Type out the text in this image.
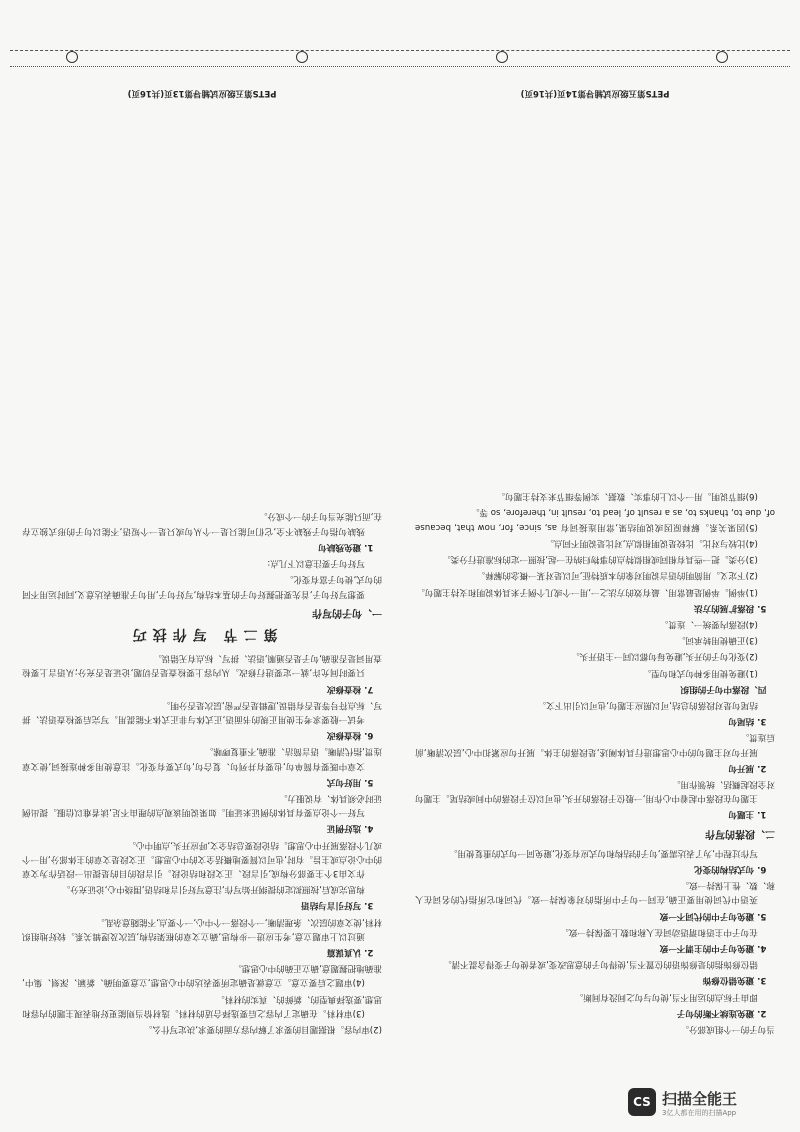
(2)审内容。根据题目的要求了解内容方面的要求,决定写什么。

(3)审材料。在确定了内容之后要选择合适的材料。选材恰当则能更好地表现主题的内容和思想,要选择典型的、新鲜的、真实的材料。

(4)审题之后要立意。立意就是确定所要表达的中心思想,立意要明确、新颖、深刻、集中,准确地把握题意,确立正确的中心思想。

2. 认真谋篇

通过以上审题立意,考生应进一步构思,确立文章的框架结构,层次及逻辑关系。较好地组织材料,使文章的层次、条理清晰,一个段落一个中心,一个要点,不能随意杂乱。

3. 写好引言与结语

构思完成后,按照拟定的提纲开始写作,注意写好引言和结语,围绕中心,论证充分。

作文由3个主要部分构成,引言段、正文段和结论段。引言段的目的是提出一段话作为文章的中心论点或主旨。有时,也可以简要地概括全文的中心思想。正文段是文章的主体部分,用一个或几个段落展开中心思想。结论段要总结全文,呼应开头,点明中心。

4. 选好例证

写好一个论点要有具体的例证来证明。如果说明该观点的理由不足,读者难以信服。提出例证时必须具体、有说服力。

5. 用好句式

文章中既要有简单句,也要有并列句、复合句,句式要有变化。注意使用多种连接词,使文章连贯,指代清晰。语言简洁、准确,不重复啰嗦。

6. 检查修改

考试一般要求考生使用正规的书面语,正式体与非正式体不能混用。写完后要检查语法、拼写、标点符号等是否有错误,逻辑是否严密,层次是否分明。

7. 检查修改

只要时间允许,就一定要进行修改。从内容上要检查是否切题,论证是否充分;从语言上要检查用词是否准确,句子是否通顺,语法、拼写、标点有无错误。

第二节 写作技巧

一、句子的写作

要想写好句子,首先要把握好句子的基本结构,写好句子,用句子准确表达意义,同时运用不同的句式,使句子富有变化。

写好句子要注意以下几点:

1. 避免残缺句

残缺句指句子残缺不全,它们可能只是一个从句或只是一个短语,不能以句子的形式独立存在,而只能充当句子的一个成分。

PETS第五级应试辅导第13页(共16页)

当句子的一个组成部分。

2. 避免连续不断的句子

即由于标点的运用不当,使句与句之间没有间断。

3. 避免错位修饰

错位修饰指的是修饰语的位置不当,使得句子的意思改变,或者使句子变得含混不清。

4. 避免句子中的主谓不一致

在句子中主语和谓语动词在人称和数上要保持一致。

5. 避免句子中的代词不一致

英语中代词使用要正确,在同一句子中所指的对象保持一致。代词和它所指代的名词在人称、数、性上保持一致。

6. 句式结构的变化

写作过程中,为了表达需要,句子的结构和句式应有变化,避免同一句式的重复使用。

二、段落的写作

1. 主题句

主题句在段落中起着中心作用,一般位于段落的开头,也可以位于段落的中间或结尾。主题句对全段起概括、统领作用。

2. 展开句

展开句对主题句的中心思想进行具体阐述,是段落的主体。展开句应紧扣中心,层次清晰,前后连贯。

3. 结尾句

结尾句是对段落的总结,可以照应主题句,也可以引出下文。

四、段落中句子的组织

(1)避免使用多种句式和句型。

(2)变化句子的开头,避免每句都以同一主语开头。

(3)正确使用转承词。

(4)段落内要统一、连贯。

5. 段落扩展的方法

(1)举例。举例是最常用、最有效的方法之一,用一个或几个例子来具体说明和支持主题句。

(2)下定义。用简明的语言说明对象的本质特征,可以是对某一概念的解释。

(3)分类。把一些具有相同或相似特点的事物归纳在一起,按照一定的标准进行分类。

(4)比较与对比。比较是说明相似点,对比是说明不同点。

(5)因果关系。解释原因或说明结果,常用连接词有 as, since, for, now that, because of, due to, thanks to, as a result of, lead to, result in, therefore, so 等。

(6)细节说明。用一个以上的事实、数据、实例等细节来支持主题句。

PETS第五级应试辅导第14页(共16页)
CS 扫描全能王
3亿人都在用的扫描App
